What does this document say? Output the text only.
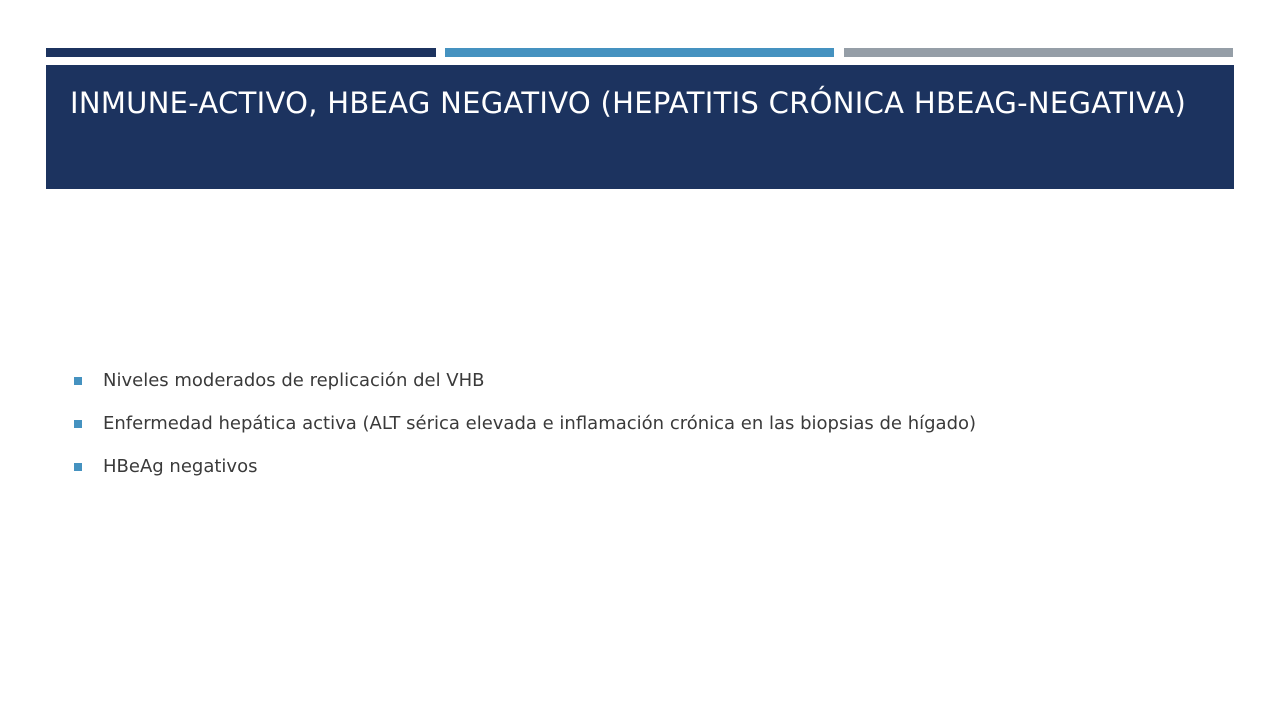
INMUNE-ACTIVO, HBEAG NEGATIVO (HEPATITIS CRÓNICA HBEAG-NEGATIVA)
Niveles moderados de replicación del VHB
Enfermedad hepática activa (ALT sérica elevada e inflamación crónica en las biopsias de hígado)
HBeAg negativos
